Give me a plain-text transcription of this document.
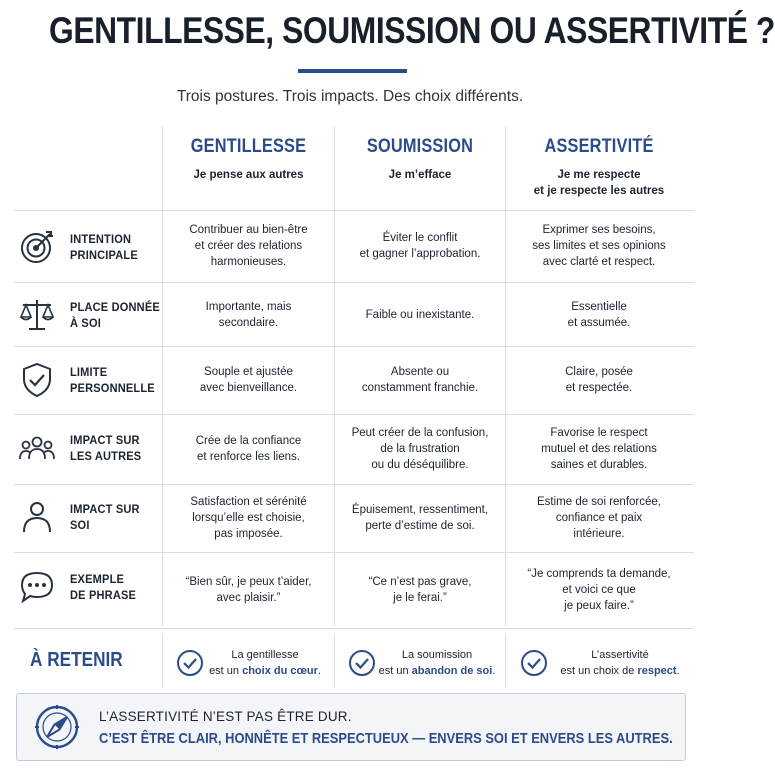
GENTILLESSE, SOUMISSION OU ASSERTIVITÉ ?
Trois postures. Trois impacts. Des choix différents.
GENTILLESSE
Je pense aux autres
SOUMISSION
Je m’efface
ASSERTIVITÉ
Je me respecte
et je respecte les autres
INTENTION
PRINCIPALE
Contribuer au bien-être
et créer des relations
harmonieuses.
Éviter le conflit
et gagner l’approbation.
Exprimer ses besoins,
ses limites et ses opinions
avec clarté et respect.
PLACE DONNÉE
À SOI
Importante, mais
secondaire.
Faible ou inexistante.
Essentielle
et assumée.
LIMITE
PERSONNELLE
Souple et ajustée
avec bienveillance.
Absente ou
constamment franchie.
Claire, posée
et respectée.
IMPACT SUR
LES AUTRES
Crée de la confiance
et renforce les liens.
Peut créer de la confusion,
de la frustration
ou du déséquilibre.
Favorise le respect
mutuel et des relations
saines et durables.
IMPACT SUR
SOI
Satisfaction et sérénité
lorsqu’elle est choisie,
pas imposée.
Épuisement, ressentiment,
perte d’estime de soi.
Estime de soi renforcée,
confiance et paix
intérieure.
EXEMPLE
DE PHRASE
“Bien sûr, je peux t’aider,
avec plaisir.”
“Ce n’est pas grave,
je le ferai.”
“Je comprends ta demande,
et voici ce que
je peux faire.”
À RETENIR	La gentillesse
est un choix du cœur.
La soumission
est un abandon de soi.
L’assertivité
est un choix de respect.
L’ASSERTIVITÉ N’EST PAS ÊTRE DUR.
C’EST ÊTRE CLAIR, HONNÊTE ET RESPECTUEUX — ENVERS SOI ET ENVERS LES AUTRES.
